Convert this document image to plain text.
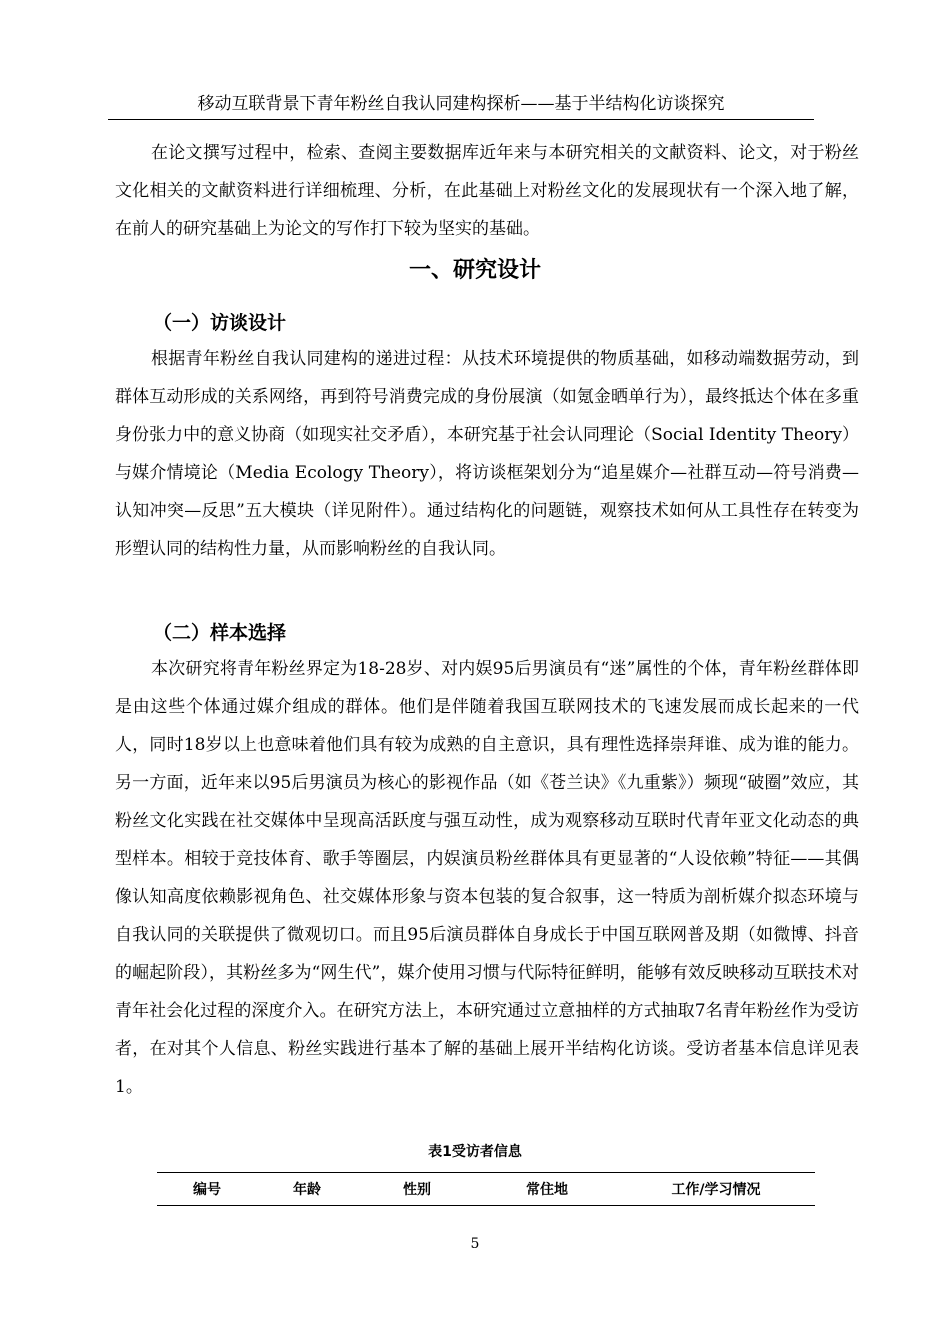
移动互联背景下青年粉丝自我认同建构探析——基于半结构化访谈探究

在论文撰写过程中，检索、查阅主要数据库近年来与本研究相关的文献资料、论文，对于粉丝文化相关的文献资料进行详细梳理、分析，在此基础上对粉丝文化的发展现状有一个深入地了解，在前人的研究基础上为论文的写作打下较为坚实的基础。

一、研究设计
（一）访谈设计

根据青年粉丝自我认同建构的递进过程：从技术环境提供的物质基础，如移动端数据劳动，到群体互动形成的关系网络，再到符号消费完成的身份展演（如氪金晒单行为），最终抵达个体在多重身份张力中的意义协商（如现实社交矛盾），本研究基于社会认同理论（Social Identity Theory）与媒介情境论（Media Ecology Theory），将访谈框架划分为“追星媒介—社群互动—符号消费—认知冲突—反思”五大模块（详见附件）。通过结构化的问题链，观察技术如何从工具性存在转变为形塑认同的结构性力量，从而影响粉丝的自我认同。

（二）样本选择

本次研究将青年粉丝界定为18-28岁、对内娱95后男演员有“迷”属性的个体，青年粉丝群体即是由这些个体通过媒介组成的群体。他们是伴随着我国互联网技术的飞速发展而成长起来的一代人，同时18岁以上也意味着他们具有较为成熟的自主意识，具有理性选择崇拜谁、成为谁的能力。另一方面，近年来以95后男演员为核心的影视作品（如《苍兰诀》《九重紫》）频现“破圈”效应，其粉丝文化实践在社交媒体中呈现高活跃度与强互动性，成为观察移动互联时代青年亚文化动态的典型样本。相较于竞技体育、歌手等圈层，内娱演员粉丝群体具有更显著的“人设依赖”特征——其偶像认知高度依赖影视角色、社交媒体形象与资本包装的复合叙事，这一特质为剖析媒介拟态环境与自我认同的关联提供了微观切口。而且95后演员群体自身成长于中国互联网普及期（如微博、抖音的崛起阶段），其粉丝多为“网生代”，媒介使用习惯与代际特征鲜明，能够有效反映移动互联技术对青年社会化过程的深度介入。在研究方法上，本研究通过立意抽样的方式抽取7名青年粉丝作为受访者，在对其个人信息、粉丝实践进行基本了解的基础上展开半结构化访谈。受访者基本信息详见表1。

表1受访者信息
编号	年龄	性别	常住地	工作/学习情况
5
